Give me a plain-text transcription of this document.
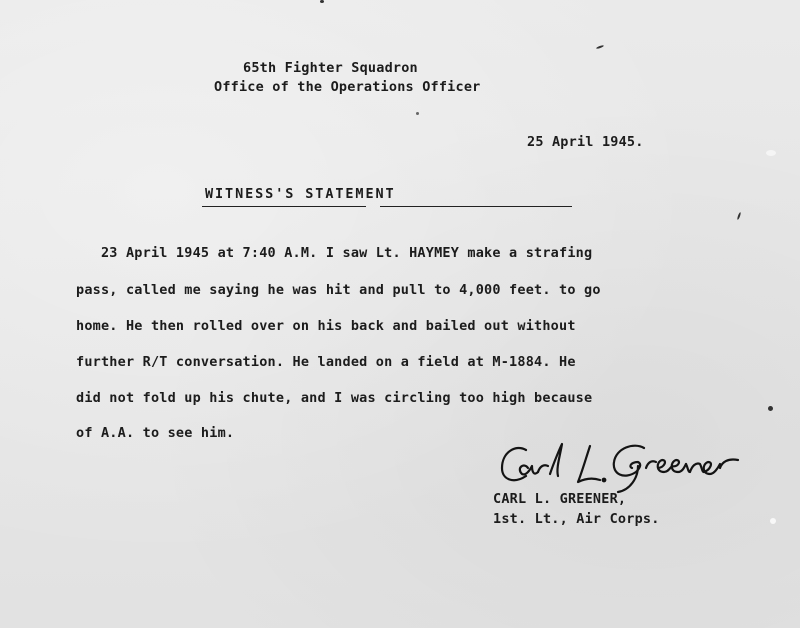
65th Fighter Squadron
Office of the Operations Officer
25 April 1945.
WITNESS'S STATEMENT
23 April 1945 at 7:40 A.M. I saw Lt. HAYMEY make a strafing
pass, called me saying he was hit and pull to 4,000 feet. to go
home. He then rolled over on his back and bailed out without
further R/T conversation. He landed on a field at M-1884. He
did not fold up his chute, and I was circling too high because
of A.A. to see him.
CARL L. GREENER,
1st. Lt., Air Corps.
